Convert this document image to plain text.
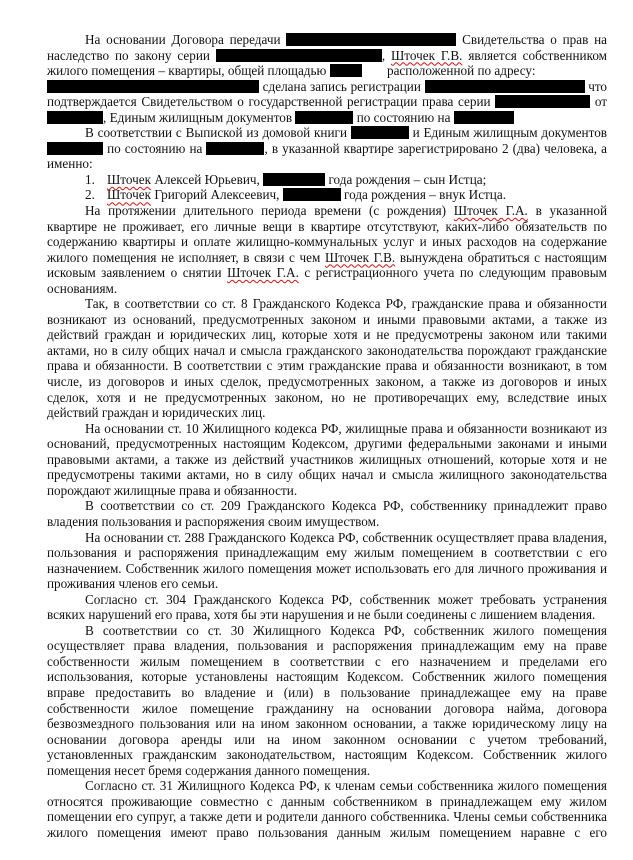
На основании Договора передачи	Свидетельства о прав на наследство по закону серии	, Шточек Г.В. является собственником жилого помещения – квартиры, общей площадью	расположенной по адресу:

сделана запись регистрации	что подтверждается Свидетельством о государственной регистрации права серии	от , Единым жилищным документов	по состоянию на

В соответствии с Выпиской из домовой книги	и Единым жилищным документов  по состоянию на	, в указанной квартире зарегистрировано 2 (два) человека, а именно:

1. Шточек Алексей Юрьевич,	года рождения – сын Истца;
2. Шточек Григорий Алексеевич,	года рождения – внук Истца.

На протяжении длительного периода времени (с рождения) Шточек Г.А. в указанной квартире не проживает, его личные вещи в квартире отсутствуют, каких-либо обязательств по содержанию квартиры и оплате жилищно-коммунальных услуг и иных расходов на содержание жилого помещения не исполняет, в связи с чем Шточек Г.В. вынуждена обратиться с настоящим исковым заявлением о снятии Шточек Г.А. с регистрационного учета по следующим правовым основаниям.

Так, в соответствии со ст. 8 Гражданского Кодекса РФ, гражданские права и обязанности возникают из оснований, предусмотренных законом и иными правовыми актами, а также из действий граждан и юридических лиц, которые хотя и не предусмотрены законом или такими актами, но в силу общих начал и смысла гражданского законодательства порождают гражданские права и обязанности. В соответствии с этим гражданские права и обязанности возникают, в том числе, из договоров и иных сделок, предусмотренных законом, а также из договоров и иных сделок, хотя и не предусмотренных законом, но не противоречащих ему, вследствие иных действий граждан и юридических лиц.

На основании ст. 10 Жилищного кодекса РФ, жилищные права и обязанности возникают из оснований, предусмотренных настоящим Кодексом, другими федеральными законами и иными правовыми актами, а также из действий участников жилищных отношений, которые хотя и не предусмотрены такими актами, но в силу общих начал и смысла жилищного законодательства порождают жилищные права и обязанности.

В соответствии со ст. 209 Гражданского Кодекса РФ, собственнику принадлежит право владения пользования и распоряжения своим имуществом.

На основании ст. 288 Гражданского Кодекса РФ, собственник осуществляет права владения, пользования и распоряжения принадлежащим ему жилым помещением в соответствии с его назначением. Собственник жилого помещения может использовать его для личного проживания и проживания членов его семьи.

Согласно ст. 304 Гражданского Кодекса РФ, собственник может требовать устранения всяких нарушений его права, хотя бы эти нарушения и не были соединены с лишением владения.

В соответствии со ст. 30 Жилищного Кодекса РФ, собственник жилого помещения осуществляет права владения, пользования и распоряжения принадлежащим ему на праве собственности жилым помещением в соответствии с его назначением и пределами его использования, которые установлены настоящим Кодексом. Собственник жилого помещения вправе предоставить во владение и (или) в пользование принадлежащее ему на праве собственности жилое помещение гражданину на основании договора найма, договора безвозмездного пользования или на ином законном основании, а также юридическому лицу на основании договора аренды или на ином законном основании с учетом требований, установленных гражданским законодательством, настоящим Кодексом. Собственник жилого помещения несет бремя содержания данного помещения.

Согласно ст. 31 Жилищного Кодекса РФ, к членам семьи собственника жилого помещения относятся проживающие совместно с данным собственником в принадлежащем ему жилом помещении его супруг, а также дети и родители данного собственника. Члены семьи собственника жилого помещения имеют право пользования данным жилым помещением наравне с его
